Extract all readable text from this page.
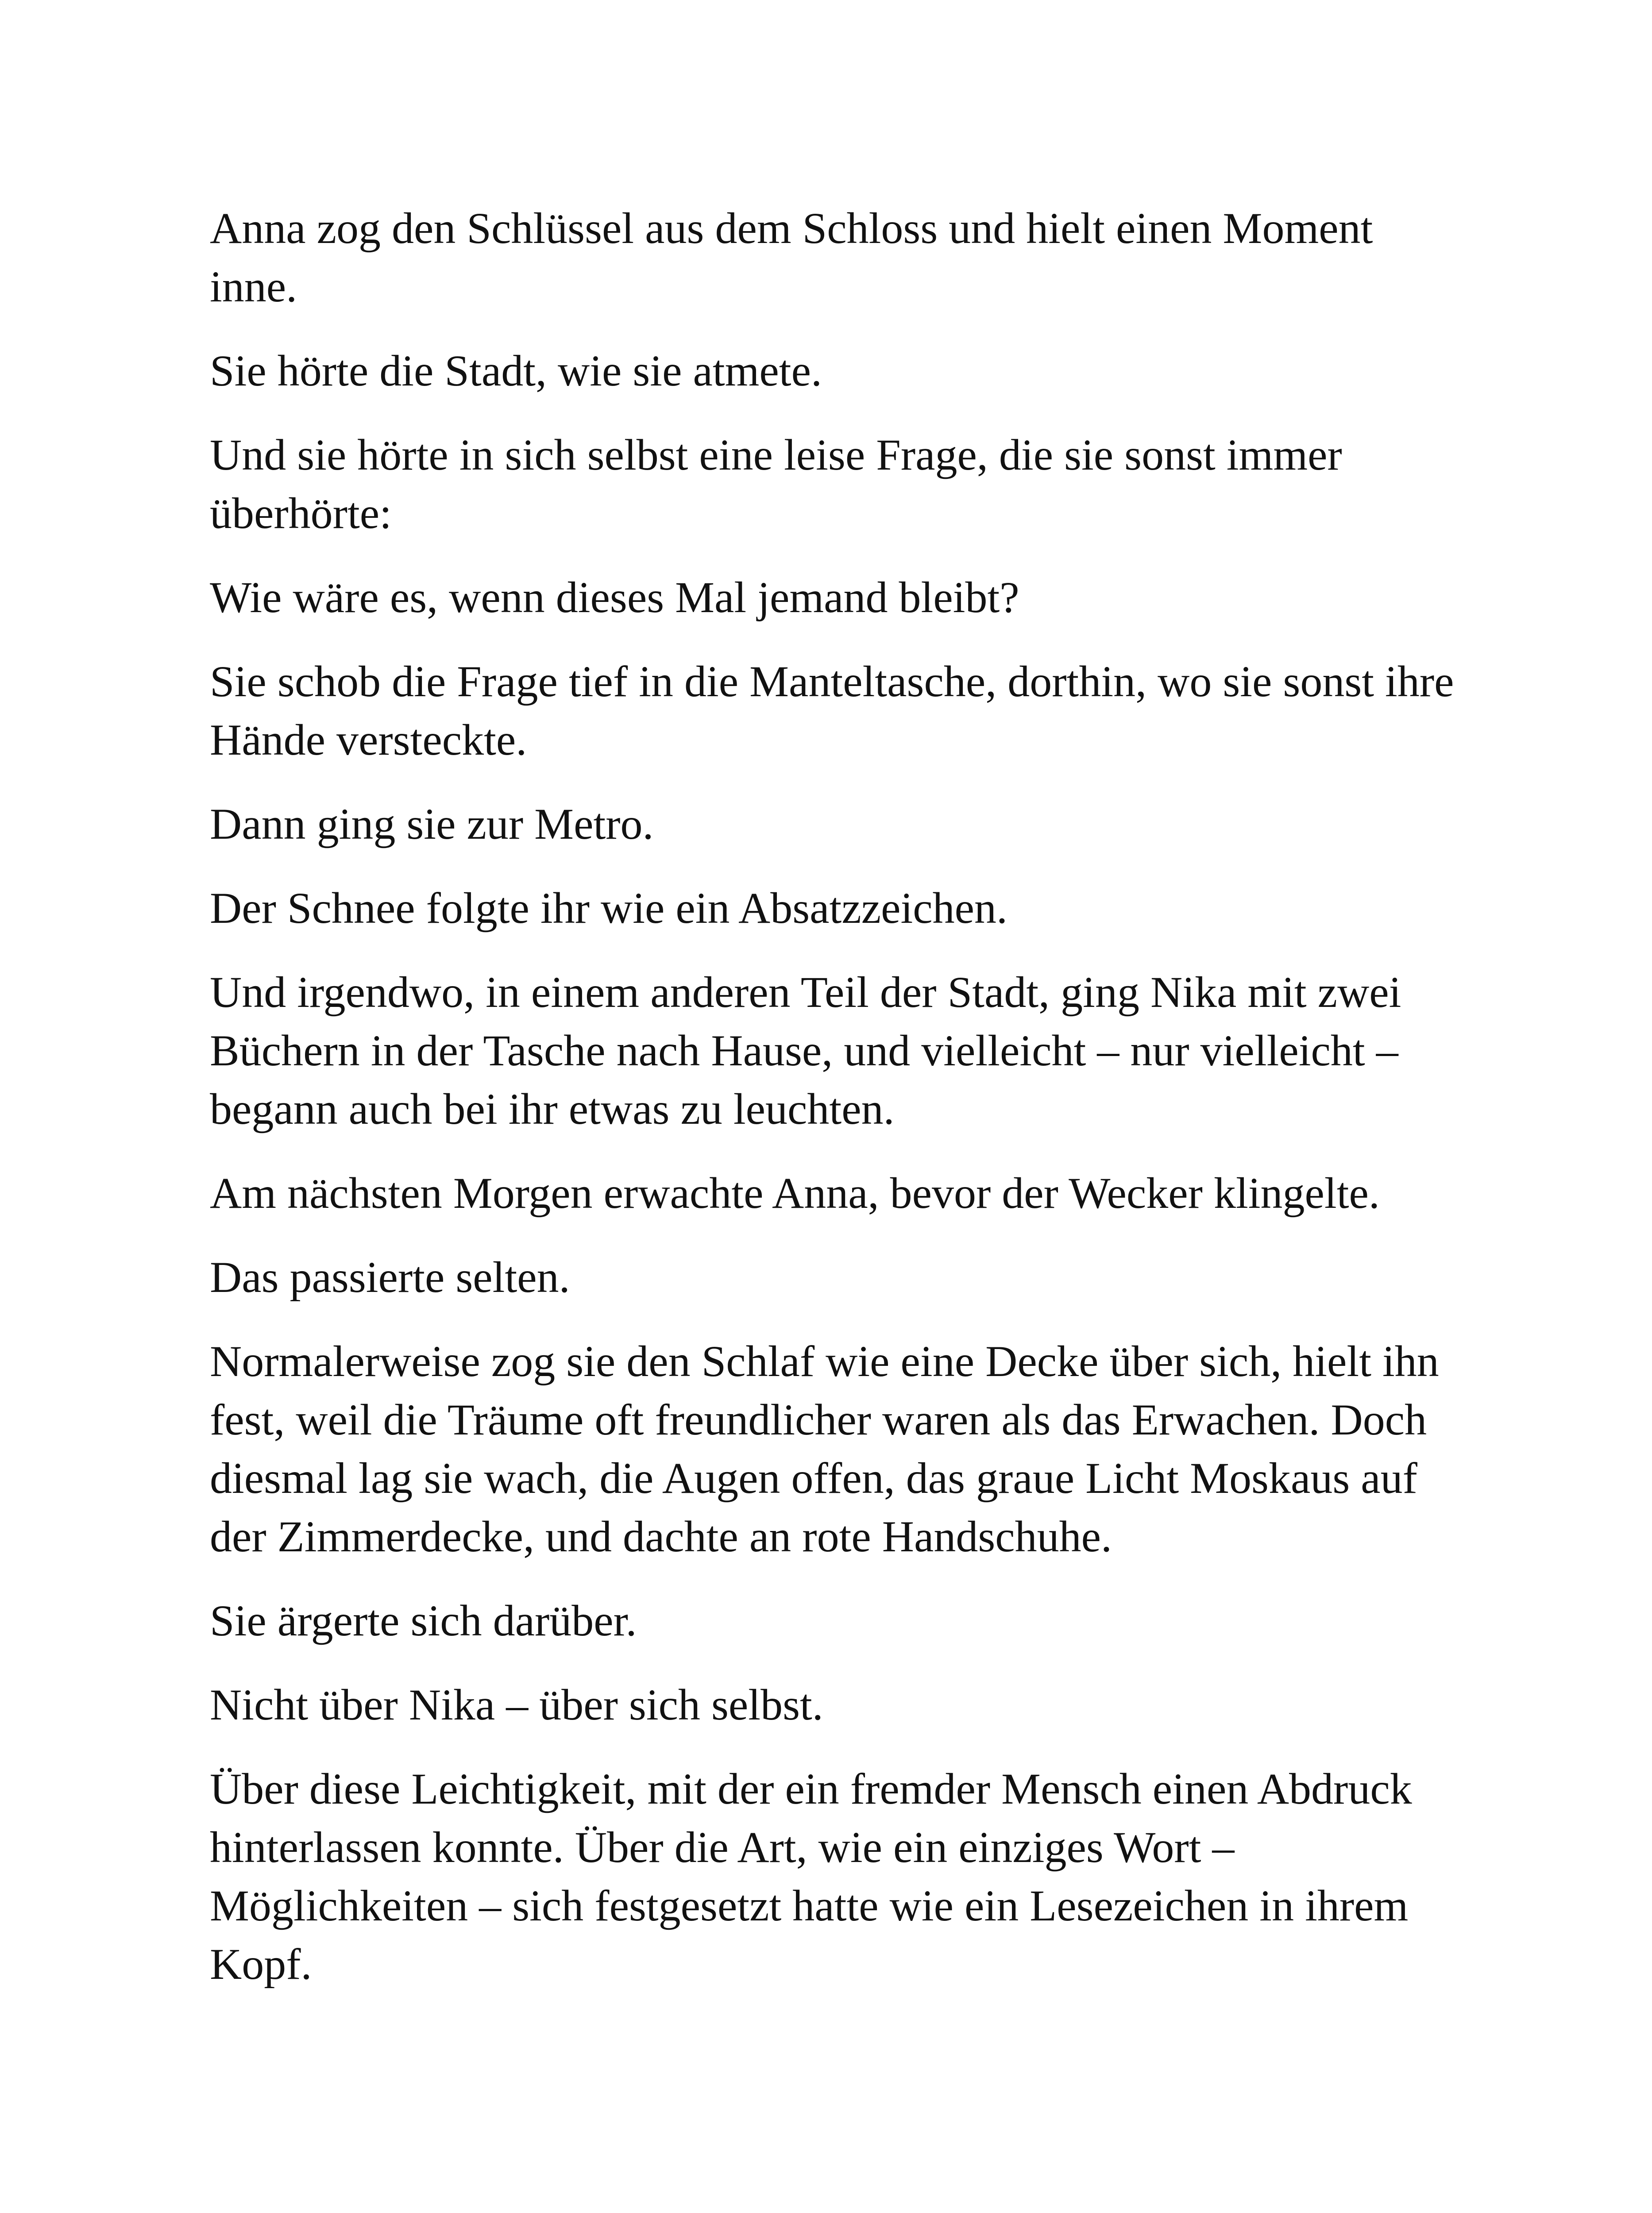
Anna zog den Schlüssel aus dem Schloss und hielt einen Moment inne.

Sie hörte die Stadt, wie sie atmete.

Und sie hörte in sich selbst eine leise Frage, die sie sonst immer überhörte:

Wie wäre es, wenn dieses Mal jemand bleibt?

Sie schob die Frage tief in die Manteltasche, dorthin, wo sie sonst ihre Hände versteckte.

Dann ging sie zur Metro.

Der Schnee folgte ihr wie ein Absatzzeichen.

Und irgendwo, in einem anderen Teil der Stadt, ging Nika mit zwei Büchern in der Tasche nach Hause, und vielleicht – nur vielleicht – begann auch bei ihr etwas zu leuchten.

Am nächsten Morgen erwachte Anna, bevor der Wecker klingelte.

Das passierte selten.

Normalerweise zog sie den Schlaf wie eine Decke über sich, hielt ihn fest, weil die Träume oft freundlicher waren als das Erwachen. Doch diesmal lag sie wach, die Augen offen, das graue Licht Moskaus auf der Zimmerdecke, und dachte an rote Handschuhe.

Sie ärgerte sich darüber.

Nicht über Nika – über sich selbst.

Über diese Leichtigkeit, mit der ein fremder Mensch einen Abdruck hinterlassen konnte. Über die Art, wie ein einziges Wort – Möglichkeiten – sich festgesetzt hatte wie ein Lesezeichen in ihrem Kopf.
